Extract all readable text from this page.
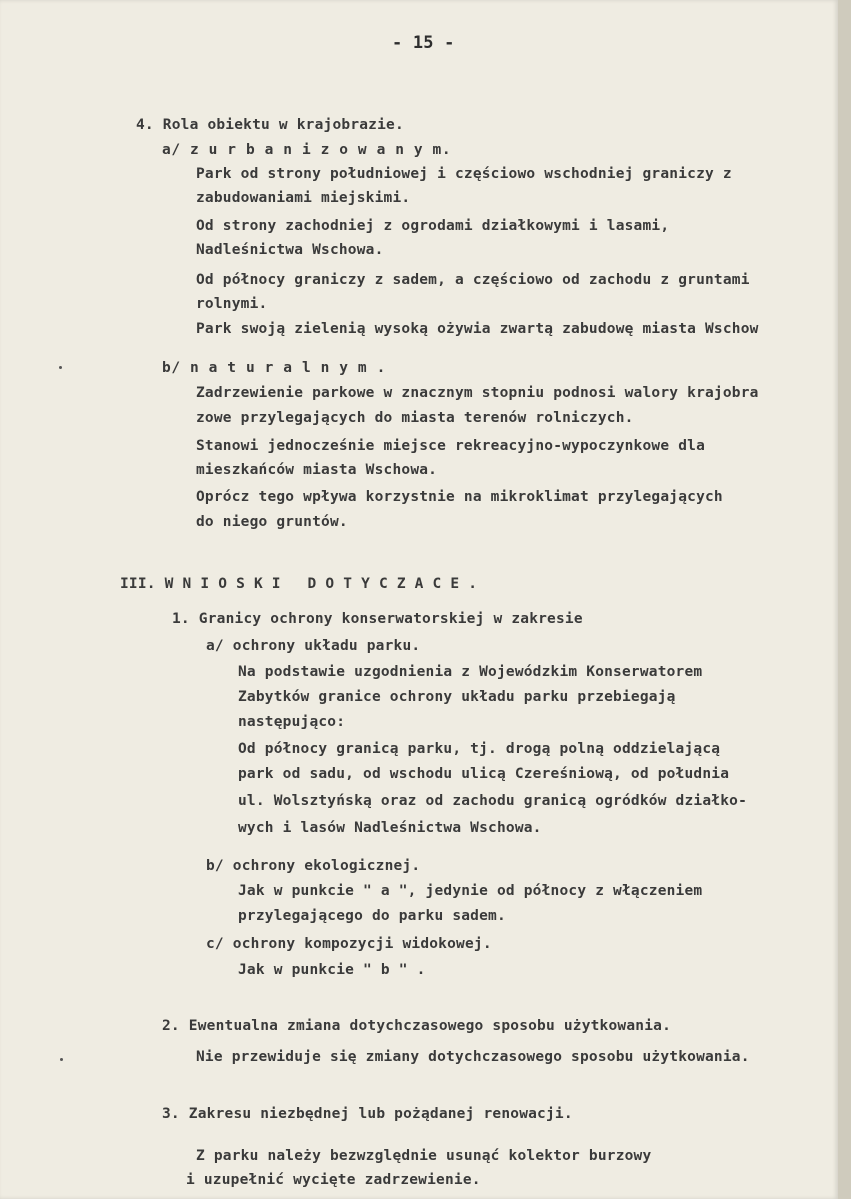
- 15 -
4. Rola obiektu w krajobrazie.
a/ z u r b a n i z o w a n y m.
Park od strony południowej i częściowo wschodniej graniczy z
zabudowaniami miejskimi.
Od strony zachodniej z ogrodami działkowymi i lasami,
Nadleśnictwa Wschowa.
Od północy graniczy z sadem, a częściowo od zachodu z gruntami
rolnymi.
Park swoją zielenią wysoką ożywia zwartą zabudowę miasta Wschow
b/ n a t u r a l n y m .
Zadrzewienie parkowe w znacznym stopniu podnosi walory krajobra
zowe przylegających do miasta terenów rolniczych.
Stanowi jednocześnie miejsce rekreacyjno-wypoczynkowe dla
mieszkańców miasta Wschowa.
Oprócz tego wpływa korzystnie na mikroklimat przylegających
do niego gruntów.
III. W N I O S K I   D O T Y C Z A C E .
1. Granicy ochrony konserwatorskiej w zakresie
a/ ochrony układu parku.
Na podstawie uzgodnienia z Wojewódzkim Konserwatorem
Zabytków granice ochrony układu parku przebiegają
następująco:
Od północy granicą parku, tj. drogą polną oddzielającą
park od sadu, od wschodu ulicą Czereśniową, od południa
ul. Wolsztyńską oraz od zachodu granicą ogródków działko-
wych i lasów Nadleśnictwa Wschowa.
b/ ochrony ekologicznej.
Jak w punkcie " a ", jedynie od północy z włączeniem
przylegającego do parku sadem.
c/ ochrony kompozycji widokowej.
Jak w punkcie " b " .
2. Ewentualna zmiana dotychczasowego sposobu użytkowania.
Nie przewiduje się zmiany dotychczasowego sposobu użytkowania.
3. Zakresu niezbędnej lub pożądanej renowacji.
Z parku należy bezwzględnie usunąć kolektor burzowy
i uzupełnić wycięte zadrzewienie.
